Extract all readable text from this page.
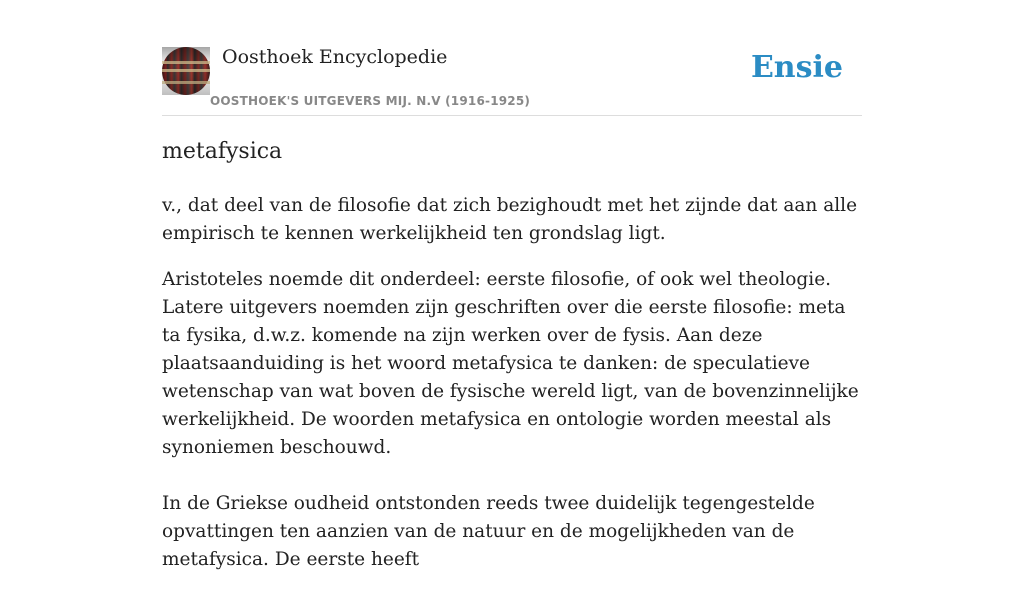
Oosthoek Encyclopedie
OOSTHOEK'S UITGEVERS MIJ. N.V (1916-1925)
Ensie
metafysica

v., dat deel van de filosofie dat zich bezighoudt met het zijnde dat aan alle empirisch te kennen werkelijkheid ten grondslag ligt.

Aristoteles noemde dit onderdeel: eerste filosofie, of ook wel theologie. Latere uitgevers noemden zijn geschriften over die eerste filosofie: meta ta fysika, d.w.z. komende na zijn werken over de fysis. Aan deze plaatsaanduiding is het woord metafysica te danken: de speculatieve wetenschap van wat boven de fysische wereld ligt, van de bovenzinnelijke werkelijkheid. De woorden metafysica en ontologie worden meestal als synoniemen beschouwd.

In de Griekse oudheid ontstonden reeds twee duidelijk tegengestelde opvattingen ten aanzien van de natuur en de mogelijkheden van de metafysica. De eerste heeft
